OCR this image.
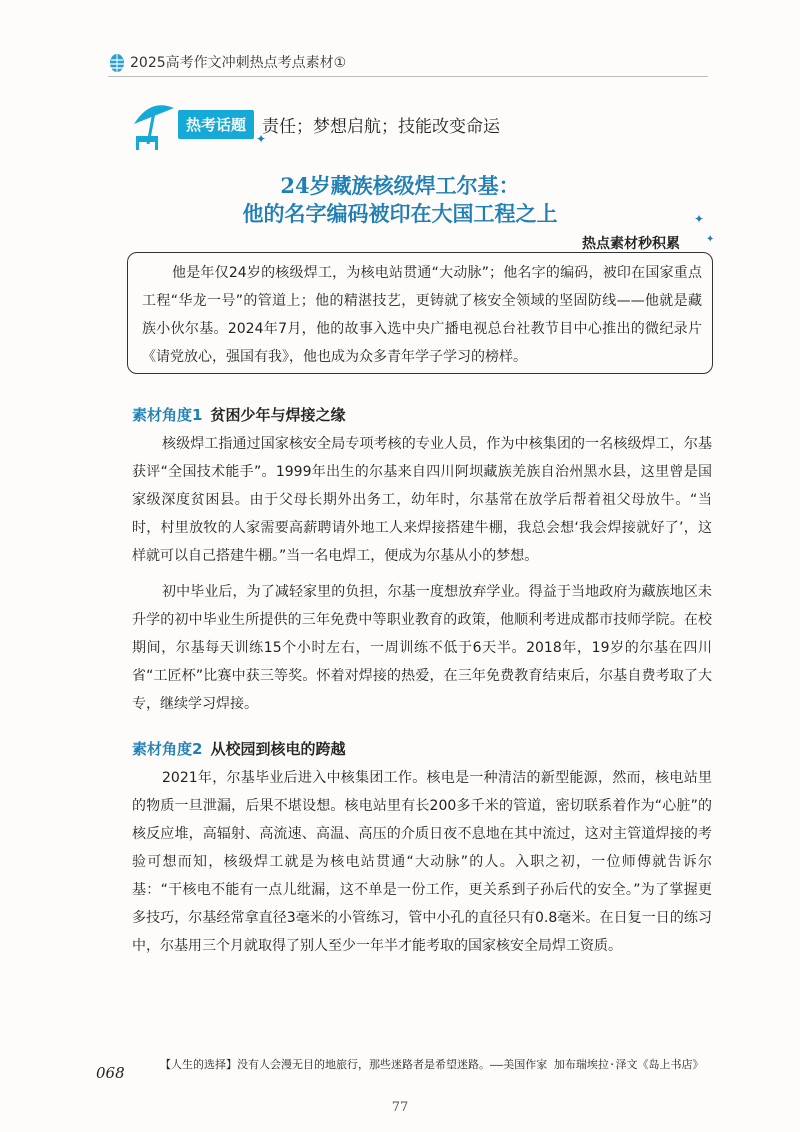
2025高考作文冲刺热点考点素材①
热考话题 责任；梦想启航；技能改变命运
✦
24岁藏族核级焊工尔基：
他的名字编码被印在大国工程之上	✦
✦
热点素材秒积累

他是年仅24岁的核级焊工，为核电站贯通“大动脉”；他名字的编码，被印在国家重点工程“华龙一号”的管道上；他的精湛技艺，更铸就了核安全领域的坚固防线——他就是藏族小伙尔基。2024年7月，他的故事入选中央广播电视总台社教节目中心推出的微纪录片《请党放心，强国有我》，他也成为众多青年学子学习的榜样。

素材角度1 贫困少年与焊接之缘

核级焊工指通过国家核安全局专项考核的专业人员，作为中核集团的一名核级焊工，尔基获评“全国技术能手”。1999年出生的尔基来自四川阿坝藏族羌族自治州黑水县，这里曾是国家级深度贫困县。由于父母长期外出务工，幼年时，尔基常在放学后帮着祖父母放牛。“当时，村里放牧的人家需要高薪聘请外地工人来焊接搭建牛棚，我总会想‘我会焊接就好了’，这样就可以自己搭建牛棚。”当一名电焊工，便成为尔基从小的梦想。

初中毕业后，为了减轻家里的负担，尔基一度想放弃学业。得益于当地政府为藏族地区未升学的初中毕业生所提供的三年免费中等职业教育的政策，他顺利考进成都市技师学院。在校期间，尔基每天训练15个小时左右，一周训练不低于6天半。2018年，19岁的尔基在四川省“工匠杯”比赛中获三等奖。怀着对焊接的热爱，在三年免费教育结束后，尔基自费考取了大专，继续学习焊接。

素材角度2 从校园到核电的跨越

2021年，尔基毕业后进入中核集团工作。核电是一种清洁的新型能源，然而，核电站里的物质一旦泄漏，后果不堪设想。核电站里有长200多千米的管道，密切联系着作为“心脏”的核反应堆，高辐射、高流速、高温、高压的介质日夜不息地在其中流过，这对主管道焊接的考验可想而知，核级焊工就是为核电站贯通“大动脉”的人。入职之初，一位师傅就告诉尔基：“干核电不能有一点儿纰漏，这不单是一份工作，更关系到子孙后代的安全。”为了掌握更多技巧，尔基经常拿直径3毫米的小管练习，管中小孔的直径只有0.8毫米。在日复一日的练习中，尔基用三个月就取得了别人至少一年半才能考取的国家核安全局焊工资质。

068	【人生的选择】没有人会漫无目的地旅行，那些迷路者是希望迷路。——美国作家 加布瑞埃拉·泽文《岛上书店》
77
